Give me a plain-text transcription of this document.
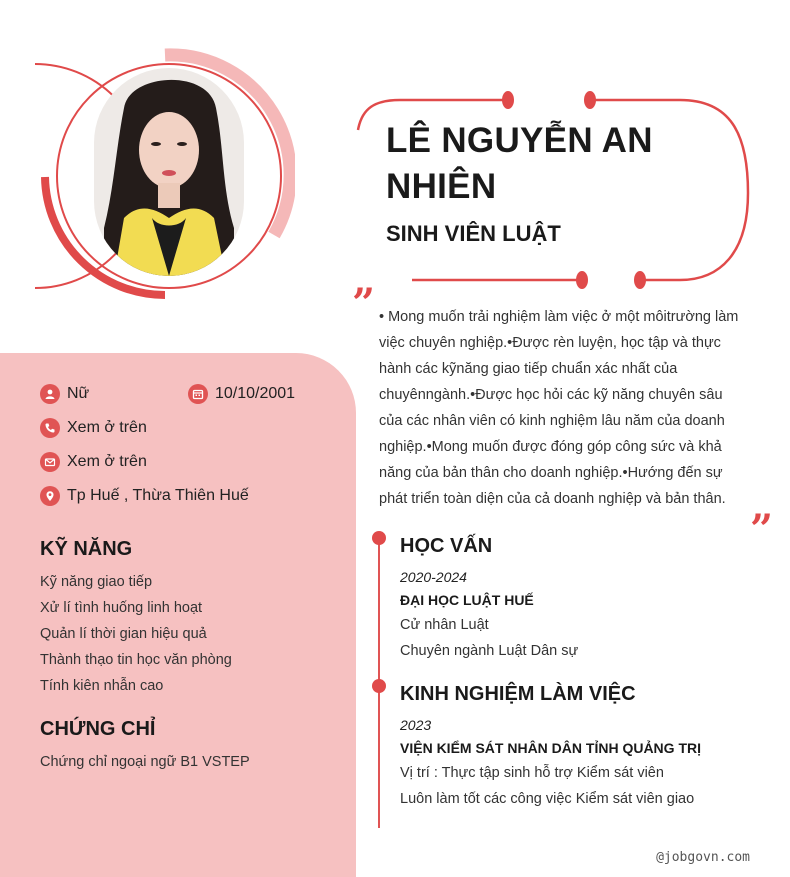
LÊ NGUYỄN AN
NHIÊN
SINH VIÊN LUẬT
”
”
• Mong muốn trải nghiệm làm việc ở một môitrường làm việc chuyên nghiệp.•Được rèn luyện, học tập và thực hành các kỹnăng giao tiếp chuẩn xác nhất của chuyênngành.•Được học hỏi các kỹ năng chuyên sâu của các nhân viên có kinh nghiệm lâu năm của doanh nghiệp.•Mong muốn được đóng góp công sức và khả năng của bản thân cho doanh nghiệp.•Hướng đến sự phát triển toàn diện của cả doanh nghiệp và bản thân.
Nữ	10/10/2001
Xem ở trên
Xem ở trên
Tp Huế , Thừa Thiên Huế
KỸ NĂNG
Kỹ năng giao tiếp
Xử lí tình huống linh hoạt
Quản lí thời gian hiệu quả
Thành thạo tin học văn phòng
Tính kiên nhẫn cao
CHỨNG CHỈ
Chứng chỉ ngoại ngữ B1 VSTEP
HỌC VẤN
2020-2024
ĐẠI HỌC LUẬT HUẾ
Cử nhân Luật
Chuyên ngành Luật Dân sự
KINH NGHIỆM LÀM VIỆC
2023
VIỆN KIỂM SÁT NHÂN DÂN TỈNH QUẢNG TRỊ
Vị trí : Thực tập sinh hỗ trợ Kiểm sát viên
Luôn làm tốt các công việc Kiểm sát viên giao
@jobgovn.com
